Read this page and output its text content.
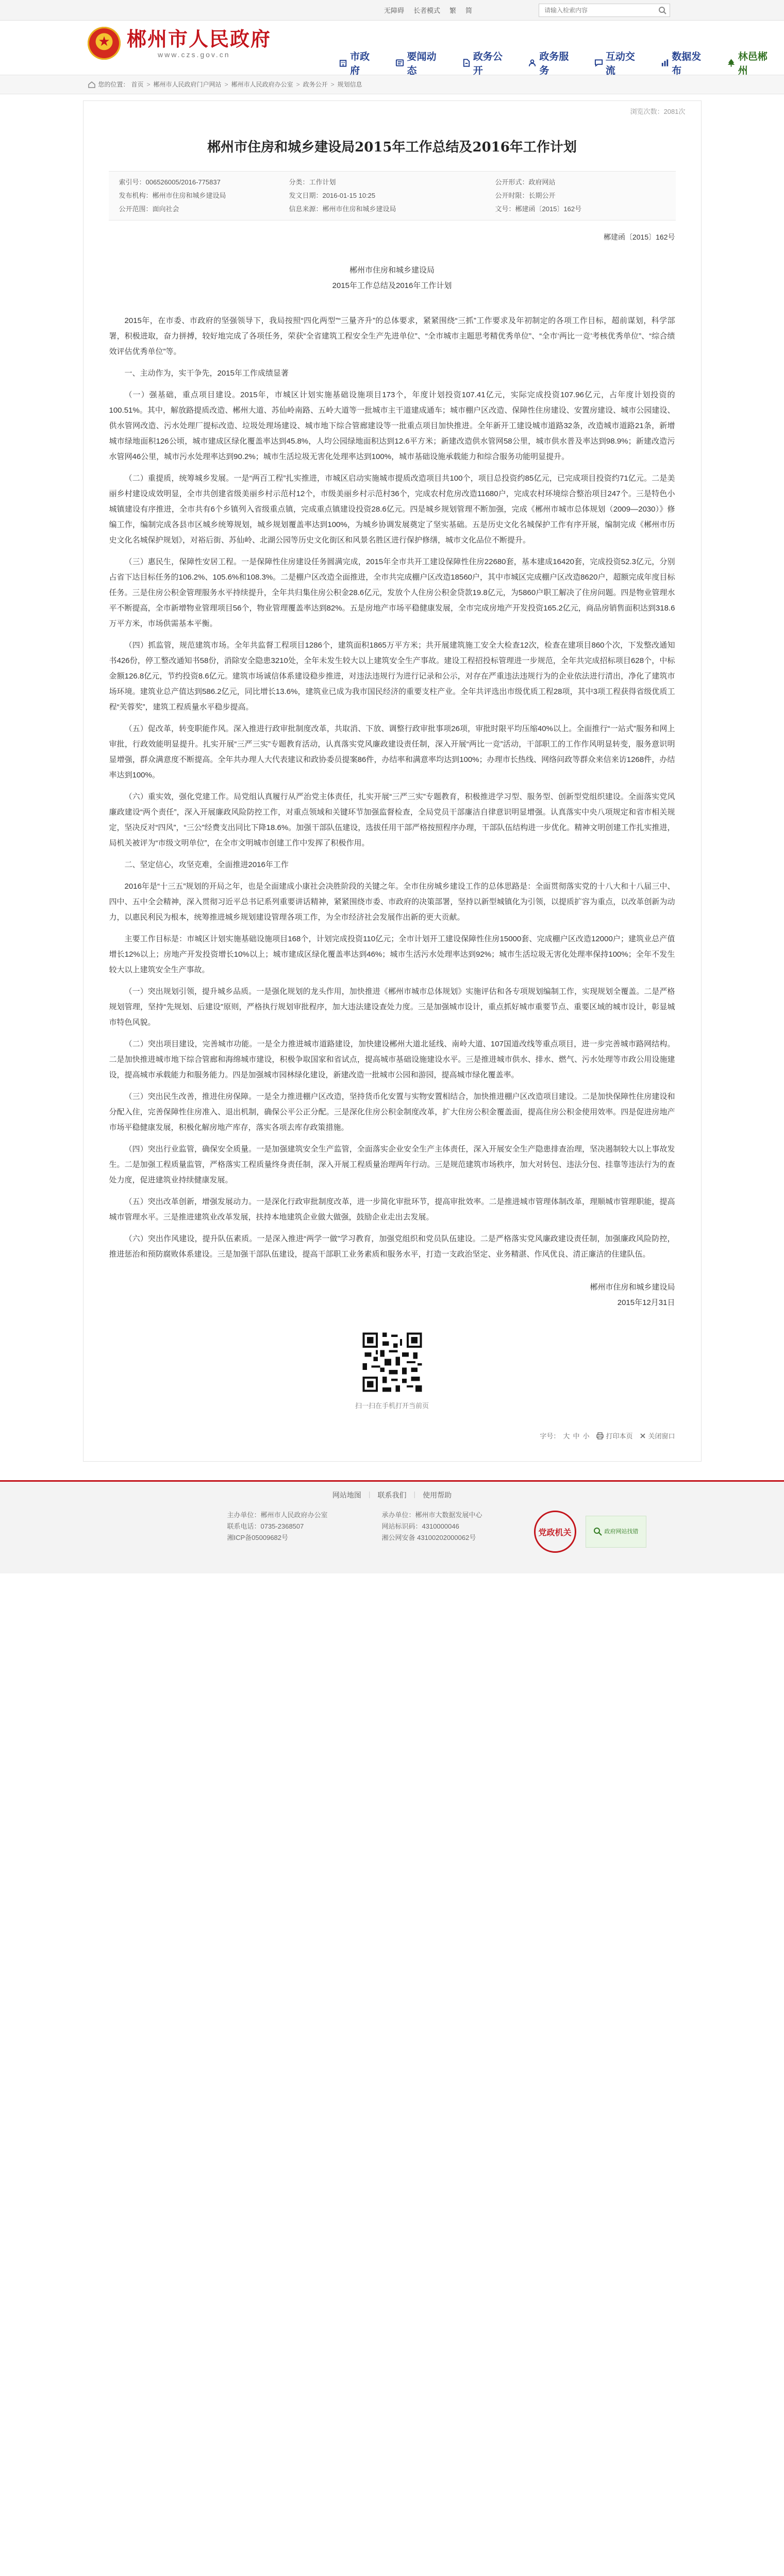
无障碍 长者模式 繁 简
请输入检索内容
★
郴州市人民政府
www.czs.gov.cn	市政府
要闻动态
政务公开
政务服务
互动交流
数据发布
林邑郴州
您的位置： 首页 > 郴州市人民政府门户网站 > 郴州市人民政府办公室 > 政务公开 > 规划信息
浏览次数：2081次
郴州市住房和城乡建设局2015年工作总结及2016年工作计划
索引号：006526005/2016-775837	分类：工作计划	公开形式：政府网站
发布机构：郴州市住房和城乡建设局	发文日期：2016-01-15 10:25	公开时限：长期公开
公开范围：面向社会	信息来源：郴州市住房和城乡建设局	文号：郴建函〔2015〕162号
郴建函〔2015〕162号
郴州市住房和城乡建设局
2015年工作总结及2016年工作计划

2015年，在市委、市政府的坚强领导下，我局按照“四化两型”“三量齐升”的总体要求，紧紧围绕“三抓”工作要求及年初制定的各项工作目标，超前谋划，科学部署，积极进取，奋力拼搏，较好地完成了各项任务，荣获“全省建筑工程安全生产先进单位”、“全市城市主题思考精优秀单位”、“全市‘两比一竞’考核优秀单位”、“综合绩效评估优秀单位”等。

一、主动作为，实干争先，2015年工作成绩显著

（一）强基础，重点项目建设。2015年，市城区计划实施基础设施项目173个，年度计划投资107.41亿元，实际完成投资107.96亿元，占年度计划投资的100.51%。其中，解放路提质改造、郴州大道、苏仙岭南路、五岭大道等一批城市主干道建成通车；城市棚户区改造、保障性住房建设、安置房建设、城市公园建设、供水管网改造、污水处理厂提标改造、垃圾处理场建设、城市地下综合管廊建设等一批重点项目加快推进。全年新开工建设城市道路32条，改造城市道路21条，新增城市绿地面积126公顷，城市建成区绿化覆盖率达到45.8%，人均公园绿地面积达到12.6平方米；新建改造供水管网58公里，城市供水普及率达到98.9%；新建改造污水管网46公里，城市污水处理率达到90.2%；城市生活垃圾无害化处理率达到100%，城市基础设施承载能力和综合服务功能明显提升。

（二）重提质，统筹城乡发展。一是“两百工程”扎实推进，市城区启动实施城市提质改造项目共100个，项目总投资约85亿元，已完成项目投资约71亿元。二是美丽乡村建设成效明显，全市共创建省级美丽乡村示范村12个，市级美丽乡村示范村36个，完成农村危房改造11680户，完成农村环境综合整治项目247个。三是特色小城镇建设有序推进，全市共有6个乡镇列入省级重点镇，完成重点镇建设投资28.6亿元。四是城乡规划管理不断加强，完成《郴州市城市总体规划（2009—2030）》修编工作，编制完成各县市区城乡统筹规划，城乡规划覆盖率达到100%，为城乡协调发展奠定了坚实基础。五是历史文化名城保护工作有序开展，编制完成《郴州市历史文化名城保护规划》，对裕后街、苏仙岭、北湖公园等历史文化街区和风景名胜区进行保护修缮，城市文化品位不断提升。

（三）惠民生，保障性安居工程。一是保障性住房建设任务圆满完成，2015年全市共开工建设保障性住房22680套，基本建成16420套，完成投资52.3亿元，分别占省下达目标任务的106.2%、105.6%和108.3%。二是棚户区改造全面推进，全市共完成棚户区改造18560户，其中市城区完成棚户区改造8620户，超额完成年度目标任务。三是住房公积金管理服务水平持续提升，全年共归集住房公积金28.6亿元，发放个人住房公积金贷款19.8亿元，为5860户职工解决了住房问题。四是物业管理水平不断提高，全市新增物业管理项目56个，物业管理覆盖率达到82%。五是房地产市场平稳健康发展，全市完成房地产开发投资165.2亿元，商品房销售面积达到318.6万平方米，市场供需基本平衡。

（四）抓监管，规范建筑市场。全年共监督工程项目1286个，建筑面积1865万平方米；共开展建筑施工安全大检查12次，检查在建项目860个次，下发整改通知书426份，停工整改通知书58份，消除安全隐患3210处，全年未发生较大以上建筑安全生产事故。建设工程招投标管理进一步规范，全年共完成招标项目628个，中标金额126.8亿元，节约投资8.6亿元。建筑市场诚信体系建设稳步推进，对违法违规行为进行记录和公示，对存在严重违法违规行为的企业依法进行清出，净化了建筑市场环境。建筑业总产值达到586.2亿元，同比增长13.6%，建筑业已成为我市国民经济的重要支柱产业。全年共评选出市级优质工程28项，其中3项工程获得省级优质工程“芙蓉奖”，建筑工程质量水平稳步提高。

（五）促改革，转变职能作风。深入推进行政审批制度改革，共取消、下放、调整行政审批事项26项，审批时限平均压缩40%以上。全面推行“一站式”服务和网上审批，行政效能明显提升。扎实开展“三严三实”专题教育活动，认真落实党风廉政建设责任制，深入开展“两比一竞”活动，干部职工的工作作风明显转变，服务意识明显增强，群众满意度不断提高。全年共办理人大代表建议和政协委员提案86件，办结率和满意率均达到100%；办理市长热线、网络问政等群众来信来访1268件，办结率达到100%。

（六）重实效，强化党建工作。局党组认真履行从严治党主体责任，扎实开展“三严三实”专题教育，积极推进学习型、服务型、创新型党组织建设。全面落实党风廉政建设“两个责任”，深入开展廉政风险防控工作，对重点领域和关键环节加强监督检查，全局党员干部廉洁自律意识明显增强。认真落实中央八项规定和省市相关规定，坚决反对“四风”，“三公”经费支出同比下降18.6%。加强干部队伍建设，选拔任用干部严格按照程序办理，干部队伍结构进一步优化。精神文明创建工作扎实推进，局机关被评为“市级文明单位”，在全市文明城市创建工作中发挥了积极作用。

二、坚定信心，攻坚克难，全面推进2016年工作

2016年是“十三五”规划的开局之年，也是全面建成小康社会决胜阶段的关键之年。全市住房城乡建设工作的总体思路是：全面贯彻落实党的十八大和十八届三中、四中、五中全会精神，深入贯彻习近平总书记系列重要讲话精神，紧紧围绕市委、市政府的决策部署，坚持以新型城镇化为引领，以提质扩容为重点，以改革创新为动力，以惠民利民为根本，统筹推进城乡规划建设管理各项工作，为全市经济社会发展作出新的更大贡献。

主要工作目标是：市城区计划实施基础设施项目168个，计划完成投资110亿元；全市计划开工建设保障性住房15000套、完成棚户区改造12000户；建筑业总产值增长12%以上；房地产开发投资增长10%以上；城市建成区绿化覆盖率达到46%；城市生活污水处理率达到92%；城市生活垃圾无害化处理率保持100%；全年不发生较大以上建筑安全生产事故。

（一）突出规划引领，提升城乡品质。一是强化规划的龙头作用，加快推进《郴州市城市总体规划》实施评估和各专项规划编制工作，实现规划全覆盖。二是严格规划管理，坚持“先规划、后建设”原则，严格执行规划审批程序，加大违法建设查处力度。三是加强城市设计，重点抓好城市重要节点、重要区域的城市设计，彰显城市特色风貌。

（二）突出项目建设，完善城市功能。一是全力推进城市道路建设，加快建设郴州大道北延线、南岭大道、107国道改线等重点项目，进一步完善城市路网结构。二是加快推进城市地下综合管廊和海绵城市建设，积极争取国家和省试点，提高城市基础设施建设水平。三是推进城市供水、排水、燃气、污水处理等市政公用设施建设，提高城市承载能力和服务能力。四是加强城市园林绿化建设，新建改造一批城市公园和游园，提高城市绿化覆盖率。

（三）突出民生改善，推进住房保障。一是全力推进棚户区改造，坚持货币化安置与实物安置相结合，加快推进棚户区改造项目建设。二是加快保障性住房建设和分配入住，完善保障性住房准入、退出机制，确保公平公正分配。三是深化住房公积金制度改革，扩大住房公积金覆盖面，提高住房公积金使用效率。四是促进房地产市场平稳健康发展，积极化解房地产库存，落实各项去库存政策措施。

（四）突出行业监管，确保安全质量。一是加强建筑安全生产监管，全面落实企业安全生产主体责任，深入开展安全生产隐患排查治理，坚决遏制较大以上事故发生。二是加强工程质量监管，严格落实工程质量终身责任制，深入开展工程质量治理两年行动。三是规范建筑市场秩序，加大对转包、违法分包、挂靠等违法行为的查处力度，促进建筑业持续健康发展。

（五）突出改革创新，增强发展动力。一是深化行政审批制度改革，进一步简化审批环节，提高审批效率。二是推进城市管理体制改革，理顺城市管理职能，提高城市管理水平。三是推进建筑业改革发展，扶持本地建筑企业做大做强，鼓励企业走出去发展。

（六）突出作风建设，提升队伍素质。一是深入推进“两学一做”学习教育，加强党组织和党员队伍建设。二是严格落实党风廉政建设责任制，加强廉政风险防控，推进惩治和预防腐败体系建设。三是加强干部队伍建设，提高干部职工业务素质和服务水平，打造一支政治坚定、业务精湛、作风优良、清正廉洁的住建队伍。

郴州市住房和城乡建设局
2015年12月31日
扫一扫在手机打开当前页
字号： 大 中 小 打印本页 关闭窗口
网站地图 | 联系我们 | 使用帮助
主办单位：郴州市人民政府办公室	承办单位：郴州市大数据发展中心
联系电话：0735-2368507	网站标识码：4310000046
湘ICP备05009682号	湘公网安备 43100202000062号
党政机关	政府网站找错
